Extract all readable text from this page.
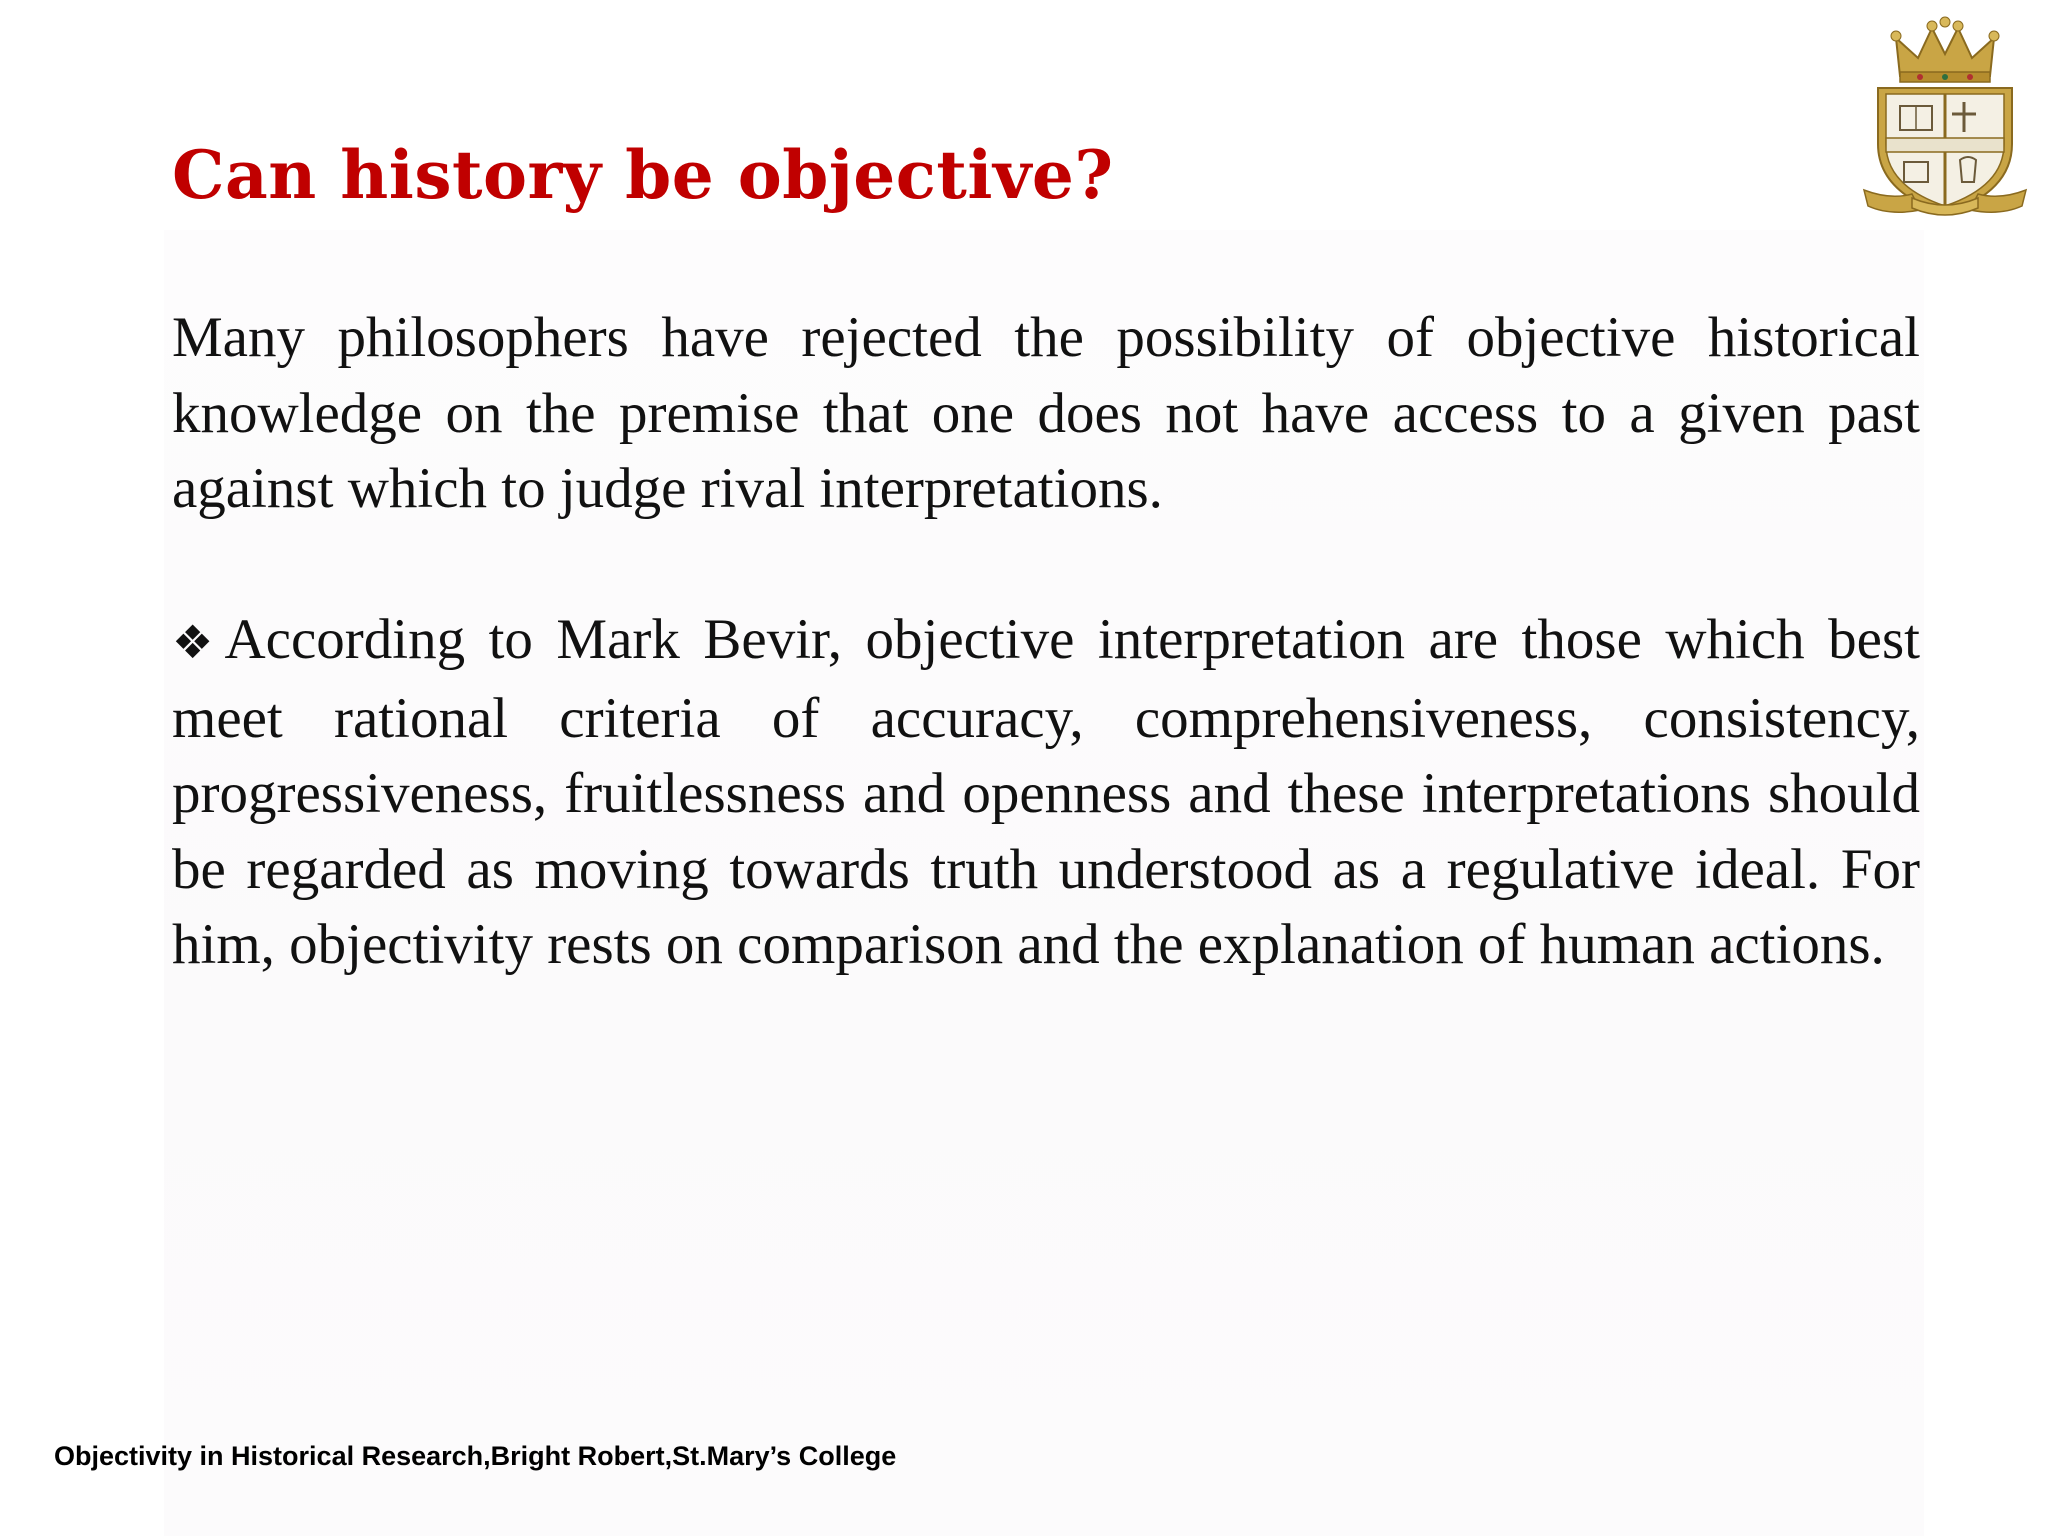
Can history be objective?

Many philosophers have rejected the possibility of objective historical knowledge on the premise that one does not have access to a given past against which to judge rival interpretations.

❖According to Mark Bevir, objective interpretation are those which best meet rational criteria of accuracy, comprehensiveness, consistency, progressiveness, fruitlessness and openness and these interpretations should be regarded as moving towards truth understood as a regulative ideal. For him, objectivity rests on comparison and the explanation of human actions.

Objectivity in Historical Research,Bright Robert,St.Mary’s College
